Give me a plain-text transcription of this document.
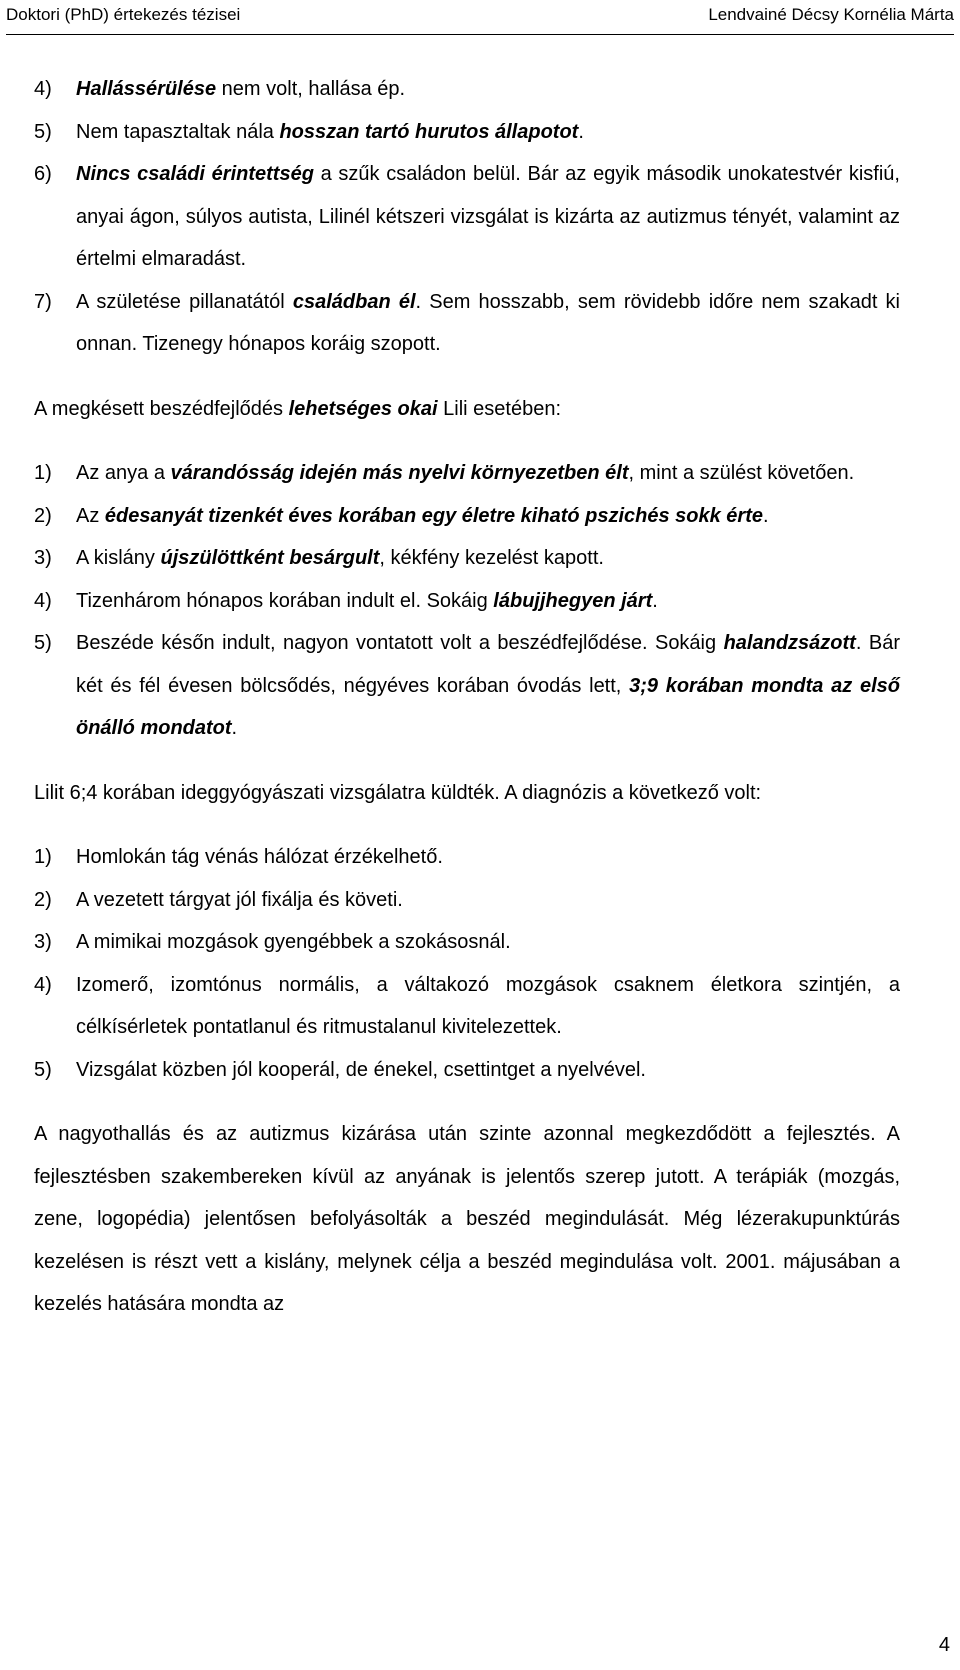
Doktori (PhD) értekezés tézisei	Lendvainé Décsy Kornélia Márta
4) Hallássérülése nem volt, hallása ép.
5) Nem tapasztaltak nála hosszan tartó hurutos állapotot.
6) Nincs családi érintettség a szűk családon belül. Bár az egyik második unokatestvér kisfiú, anyai ágon, súlyos autista, Lilinél kétszeri vizsgálat is kizárta az autizmus tényét, valamint az értelmi elmaradást.
7) A születése pillanatától családban él. Sem hosszabb, sem rövidebb időre nem szakadt ki onnan. Tizenegy hónapos koráig szopott.
A megkésett beszédfejlődés lehetséges okai Lili esetében:
1) Az anya a várandósság idején más nyelvi környezetben élt, mint a szülést követően.
2) Az édesanyát tizenkét éves korában egy életre kiható pszichés sokk érte.
3) A kislány újszülöttként besárgult, kékfény kezelést kapott.
4) Tizenhárom hónapos korában indult el. Sokáig lábujjhegyen járt.
5) Beszéde későn indult, nagyon vontatott volt a beszédfejlődése. Sokáig halandzsázott. Bár két és fél évesen bölcsődés, négyéves korában óvodás lett, 3;9 korában mondta az első önálló mondatot.
Lilit 6;4 korában ideggyógyászati vizsgálatra küldték. A diagnózis a következő volt:
1) Homlokán tág vénás hálózat érzékelhető.
2) A vezetett tárgyat jól fixálja és követi.
3) A mimikai mozgások gyengébbek a szokásosnál.
4) Izomerő, izomtónus normális, a váltakozó mozgások csaknem életkora szintjén, a célkísérletek pontatlanul és ritmustalanul kivitelezettek.
5) Vizsgálat közben jól kooperál, de énekel, csettintget a nyelvével.
A nagyothallás és az autizmus kizárása után szinte azonnal megkezdődött a fejlesztés. A fejlesztésben szakembereken kívül az anyának is jelentős szerep jutott. A terápiák (mozgás, zene, logopédia) jelentősen befolyásolták a beszéd megindulását. Még lézerakupunktúrás kezelésen is részt vett a kislány, melynek célja a beszéd megindulása volt. 2001. májusában a kezelés hatására mondta az
4
